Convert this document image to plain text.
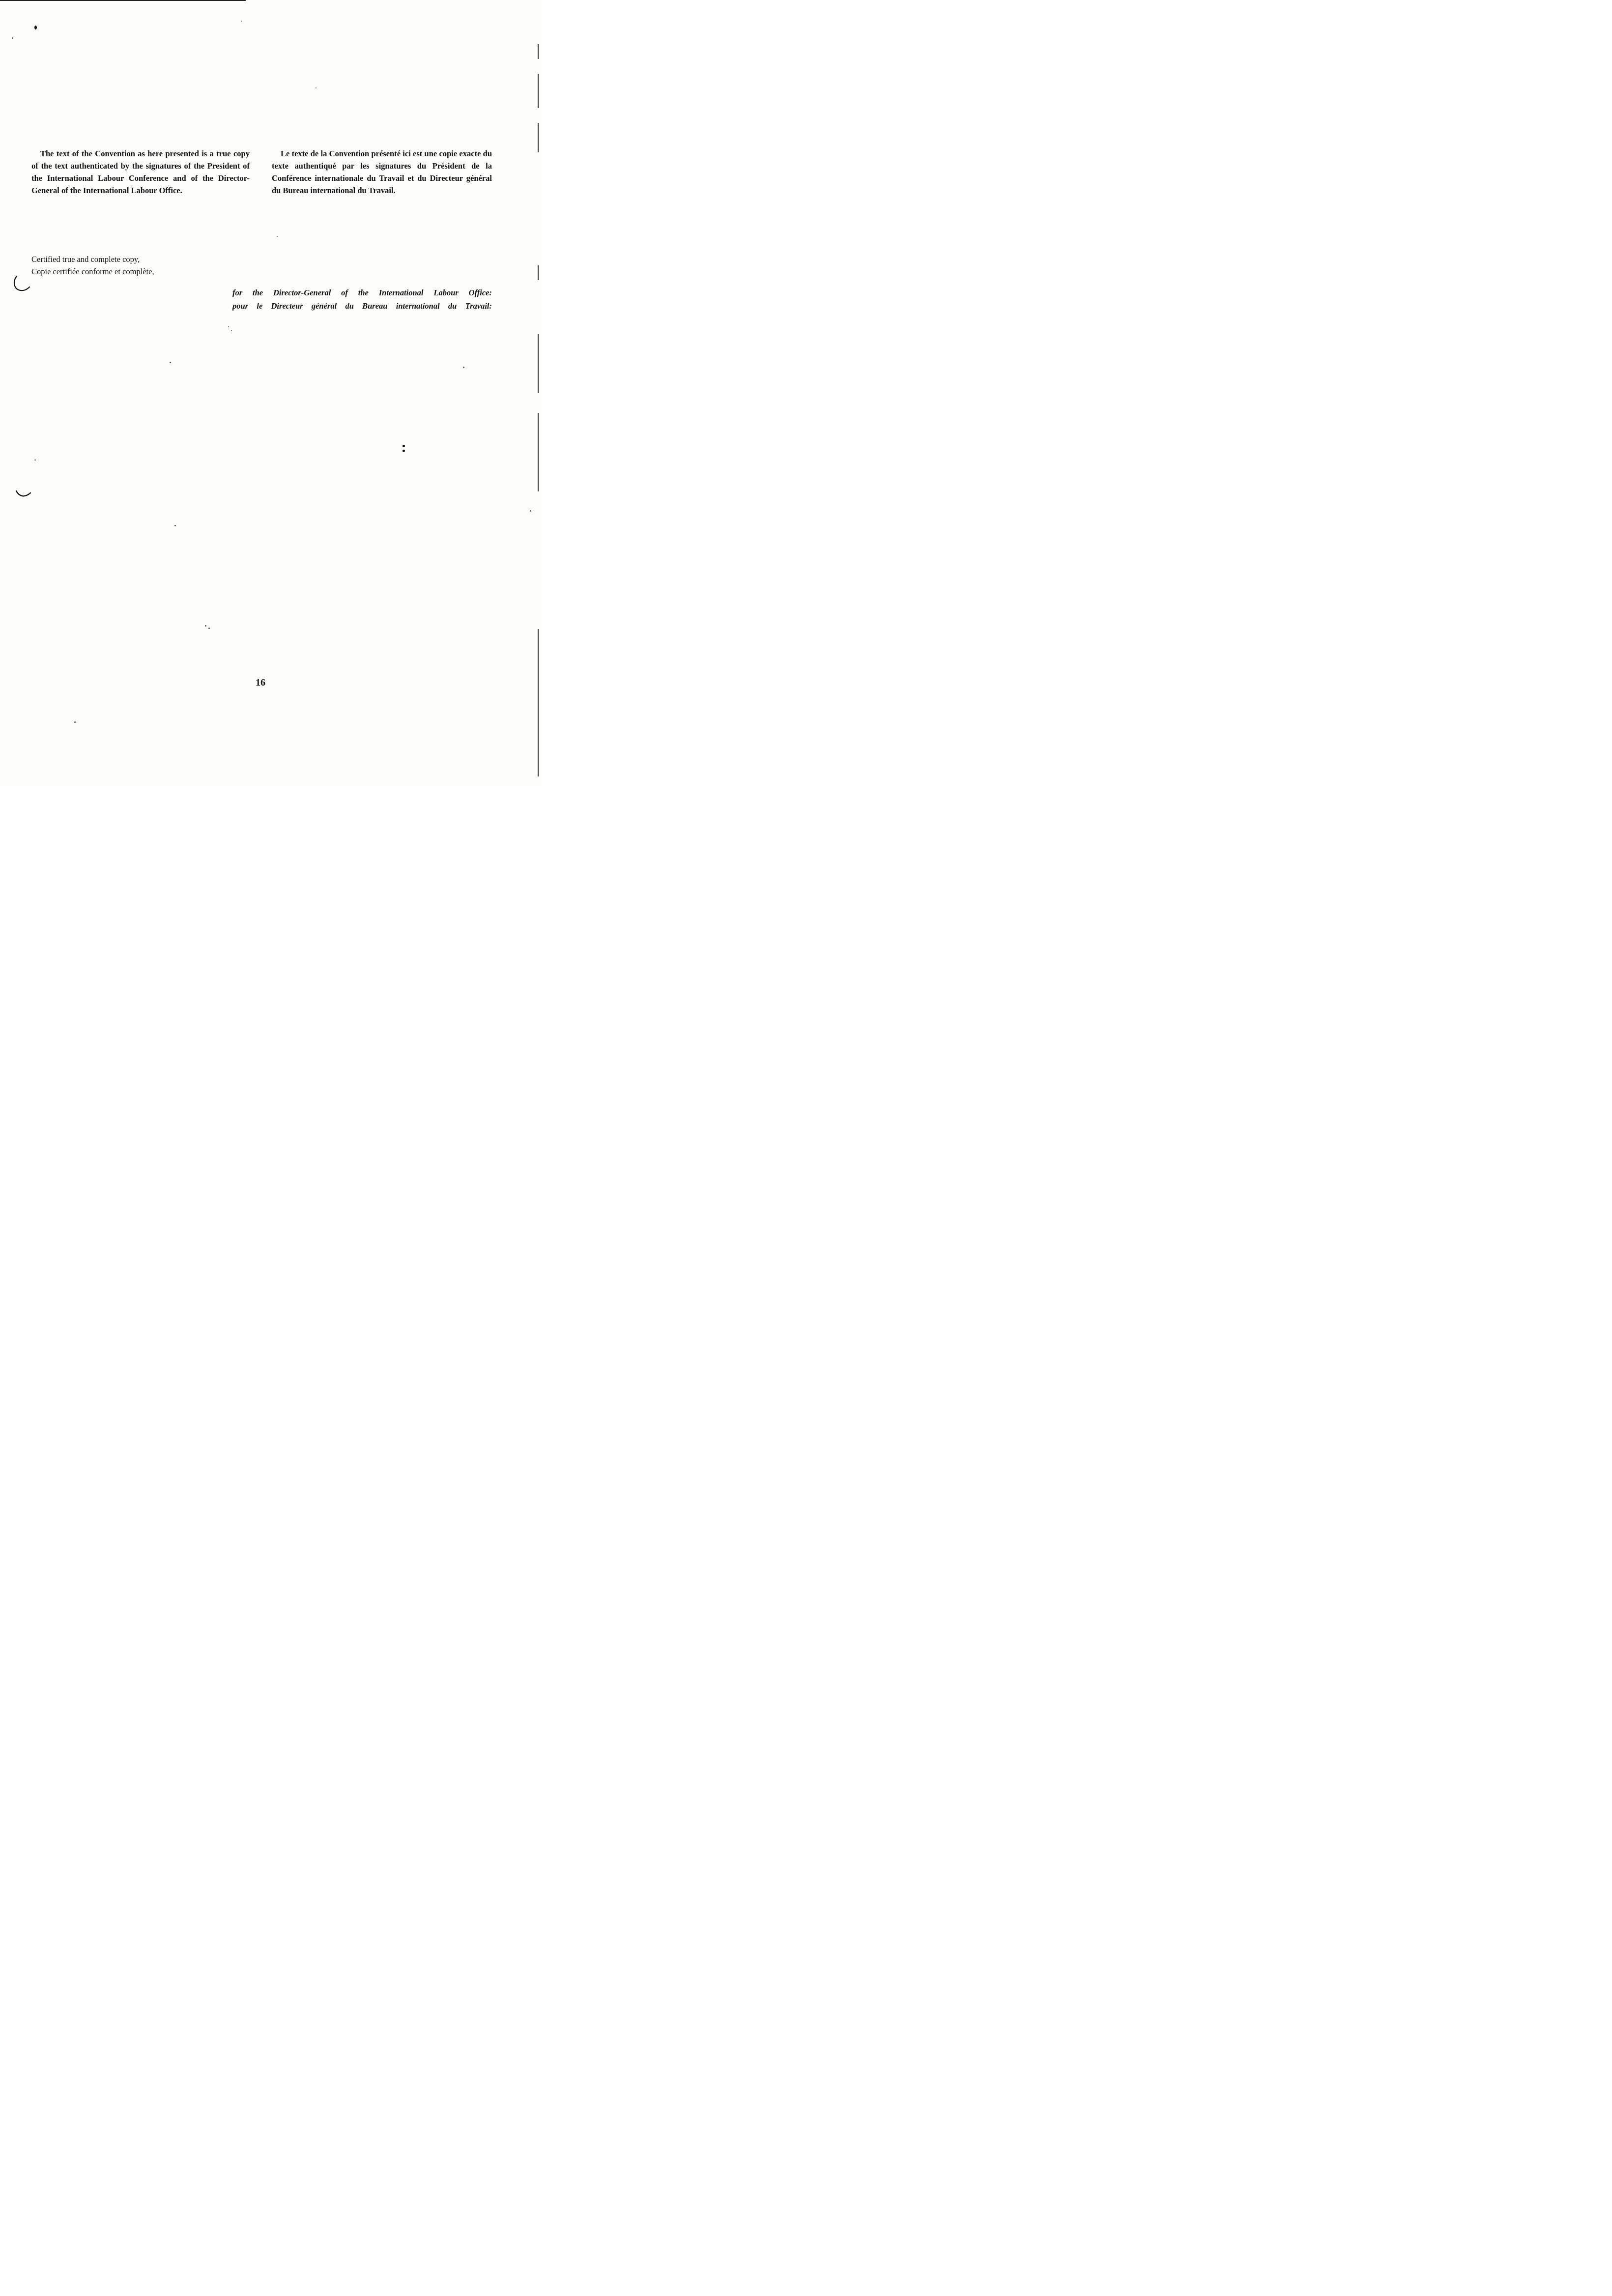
The text of the Convention as here presented is a true copy of the text authenticated by the signatures of the President of the International Labour Conference and of the Director-General of the International Labour Office.

Le texte de la Convention présenté ici est une copie exacte du texte authentiqué par les signatures du Président de la Conférence internationale du Travail et du Directeur général du Bureau international du Travail.

Certified true and complete copy,
Copie certifiée conforme et complète,
for the Director-General of the International Labour Office:
pour le Directeur général du Bureau international du Travail:
16
